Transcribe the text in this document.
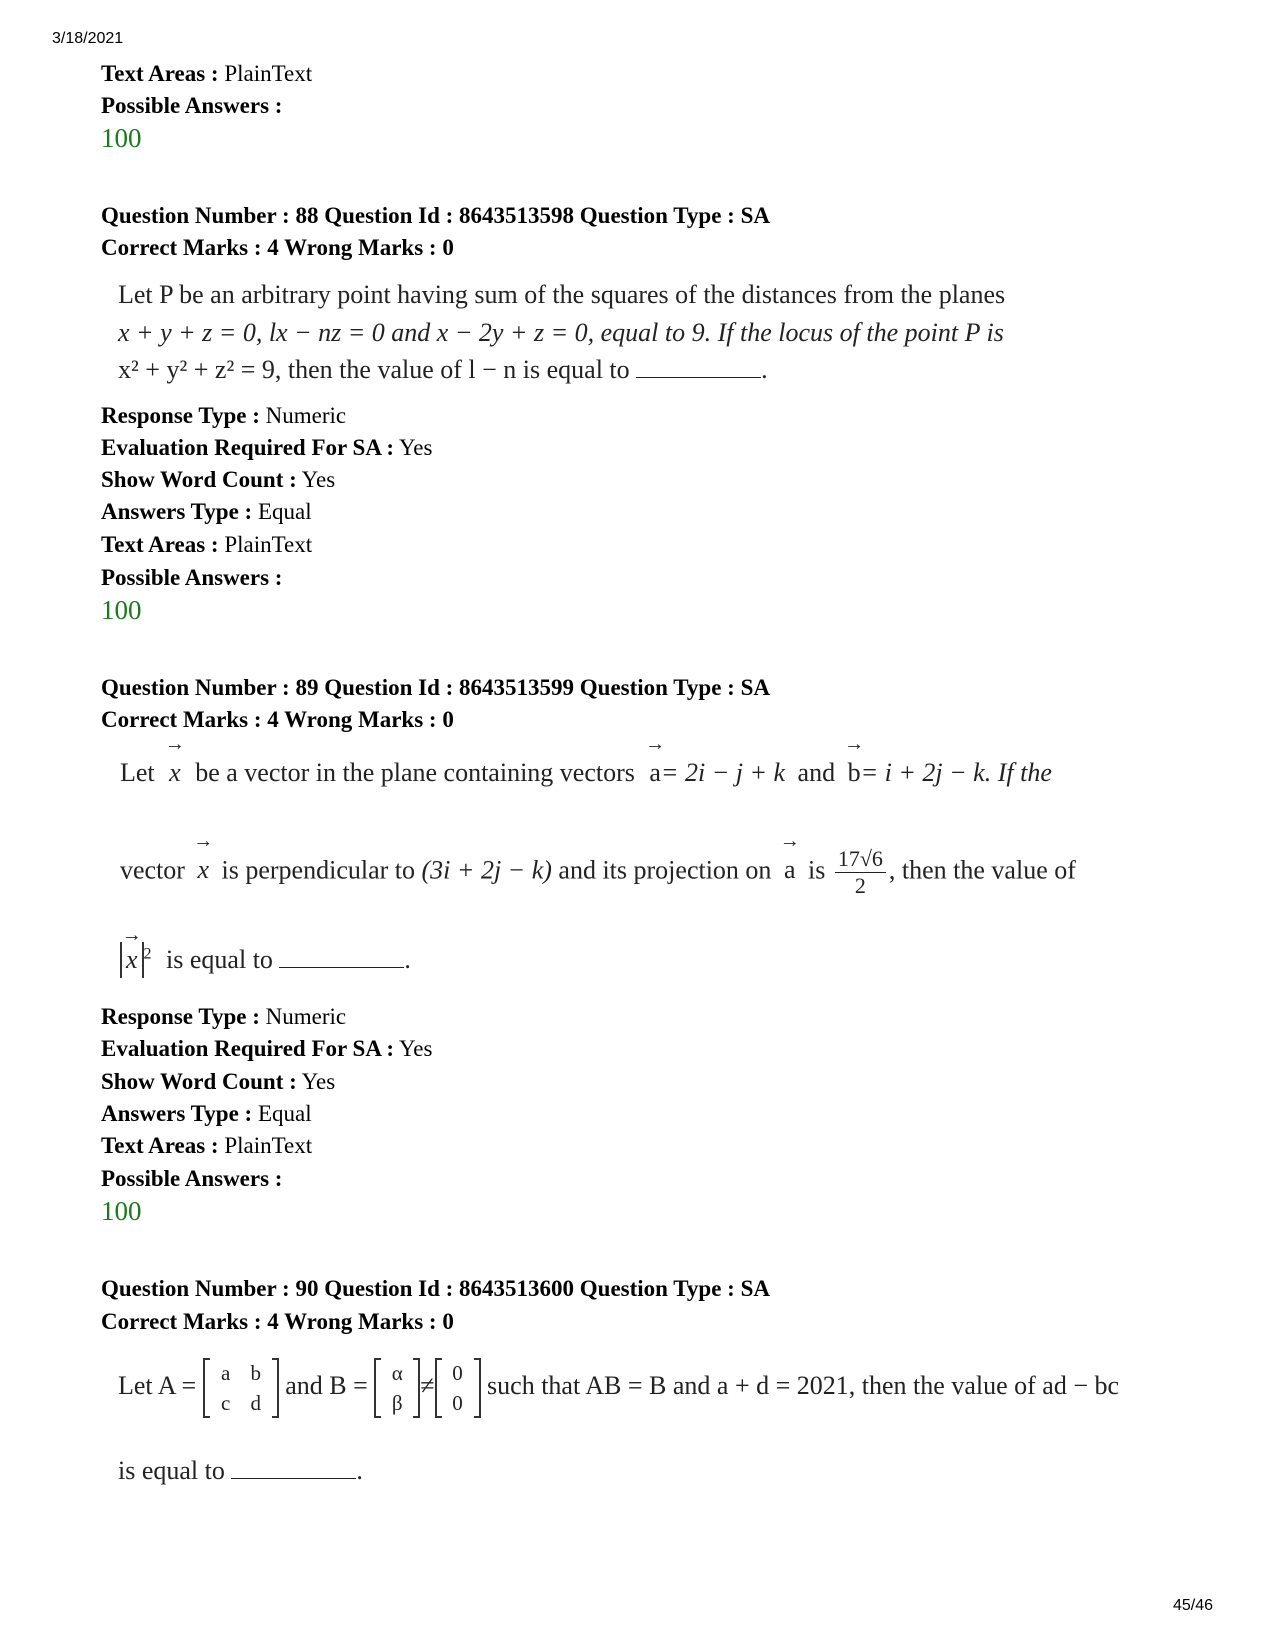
3/18/2021
Text Areas : PlainText
Possible Answers :
100
Question Number : 88 Question Id : 8643513598 Question Type : SA
Correct Marks : 4 Wrong Marks : 0
Let P be an arbitrary point having sum of the squares of the distances from the planes
x + y + z = 0, lx − nz = 0 and x − 2y + z = 0, equal to 9. If the locus of the point P is
x² + y² + z² = 9, then the value of l − n is equal to	.
Response Type : Numeric
Evaluation Required For SA : Yes
Show Word Count : Yes
Answers Type : Equal
Text Areas : PlainText
Possible Answers :
100
Question Number : 89 Question Id : 8643513599 Question Type : SA
Correct Marks : 4 Wrong Marks : 0
Let → x be a vector in the plane containing vectors → a= 2i − j + k and → b= i + 2j − k. If the
vector → x is perpendicular to (3i + 2j − k) and its projection on → a is $\frac{17√6}{2}$ , then the value of
→ x $^2$ is equal to	.
Response Type : Numeric
Evaluation Required For SA : Yes
Show Word Count : Yes
Answers Type : Equal
Text Areas : PlainText
Possible Answers :
100
Question Number : 90 Question Id : 8643513600 Question Type : SA
Correct Marks : 4 Wrong Marks : 0
Let A =	a b
c d
and B =	α
β
≠ 0
0
such that AB = B and a + d = 2021, then the value of ad − bc
is equal to	.
45/46
